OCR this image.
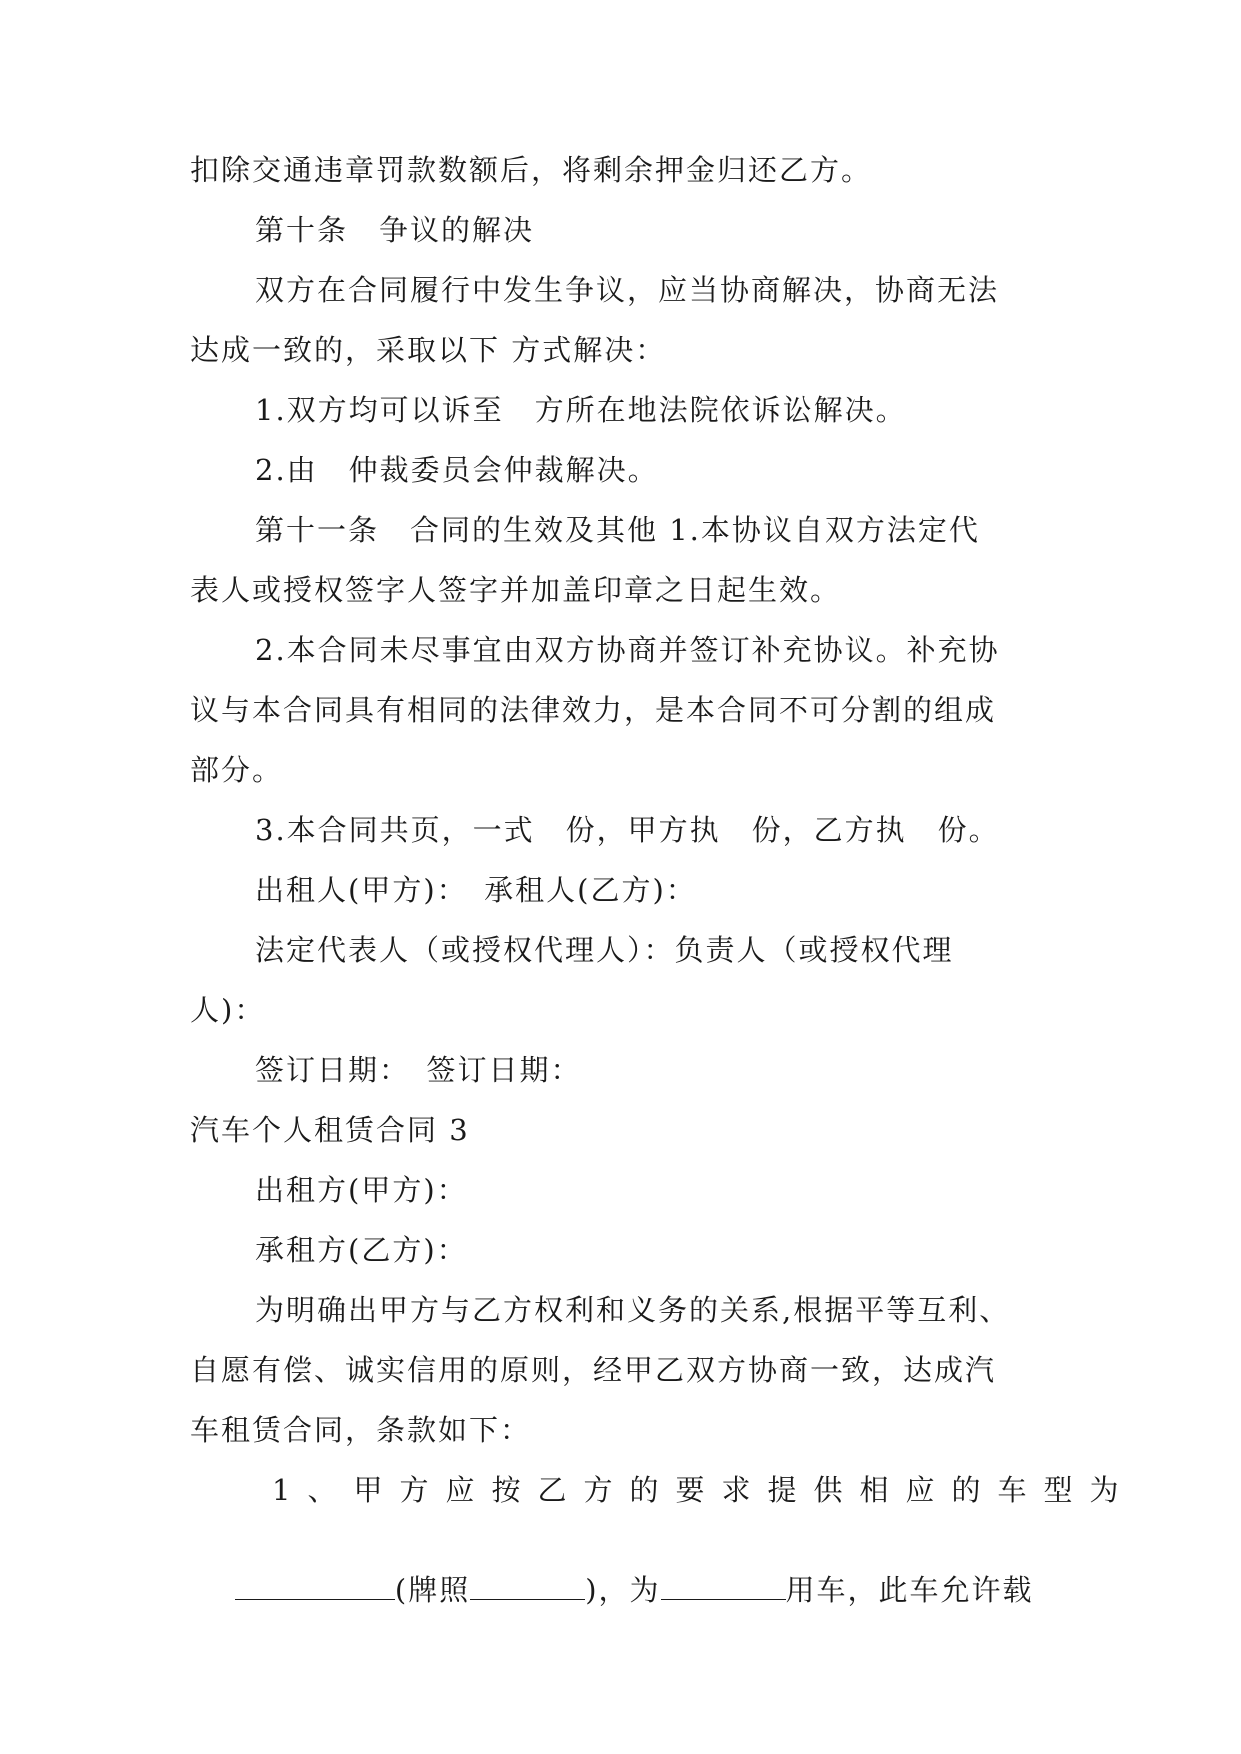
扣除交通违章罚款数额后，将剩余押金归还乙方。
第十条　争议的解决
双方在合同履行中发生争议，应当协商解决，协商无法
达成一致的，采取以下 方式解决：
1.双方均可以诉至　方所在地法院依诉讼解决。
2.由　仲裁委员会仲裁解决。
第十一条　合同的生效及其他 1.本协议自双方法定代
表人或授权签字人签字并加盖印章之日起生效。
2.本合同未尽事宜由双方协商并签订补充协议。补充协
议与本合同具有相同的法律效力，是本合同不可分割的组成
部分。
3.本合同共页，一式　份，甲方执　份，乙方执　份。
出租人(甲方)：　承租人(乙方)：
法定代表人（或授权代理人）：负责人（或授权代理
人)：
签订日期：　签订日期：
汽车个人租赁合同 3
出租方(甲方)：
承租方(乙方)：
为明确出甲方与乙方权利和义务的关系,根据平等互利、
自愿有偿、诚实信用的原则，经甲乙双方协商一致，达成汽
车租赁合同，条款如下：
1、甲方应按乙方的要求提供相应的车型为

(牌照	)，为	用车，此车允许载
